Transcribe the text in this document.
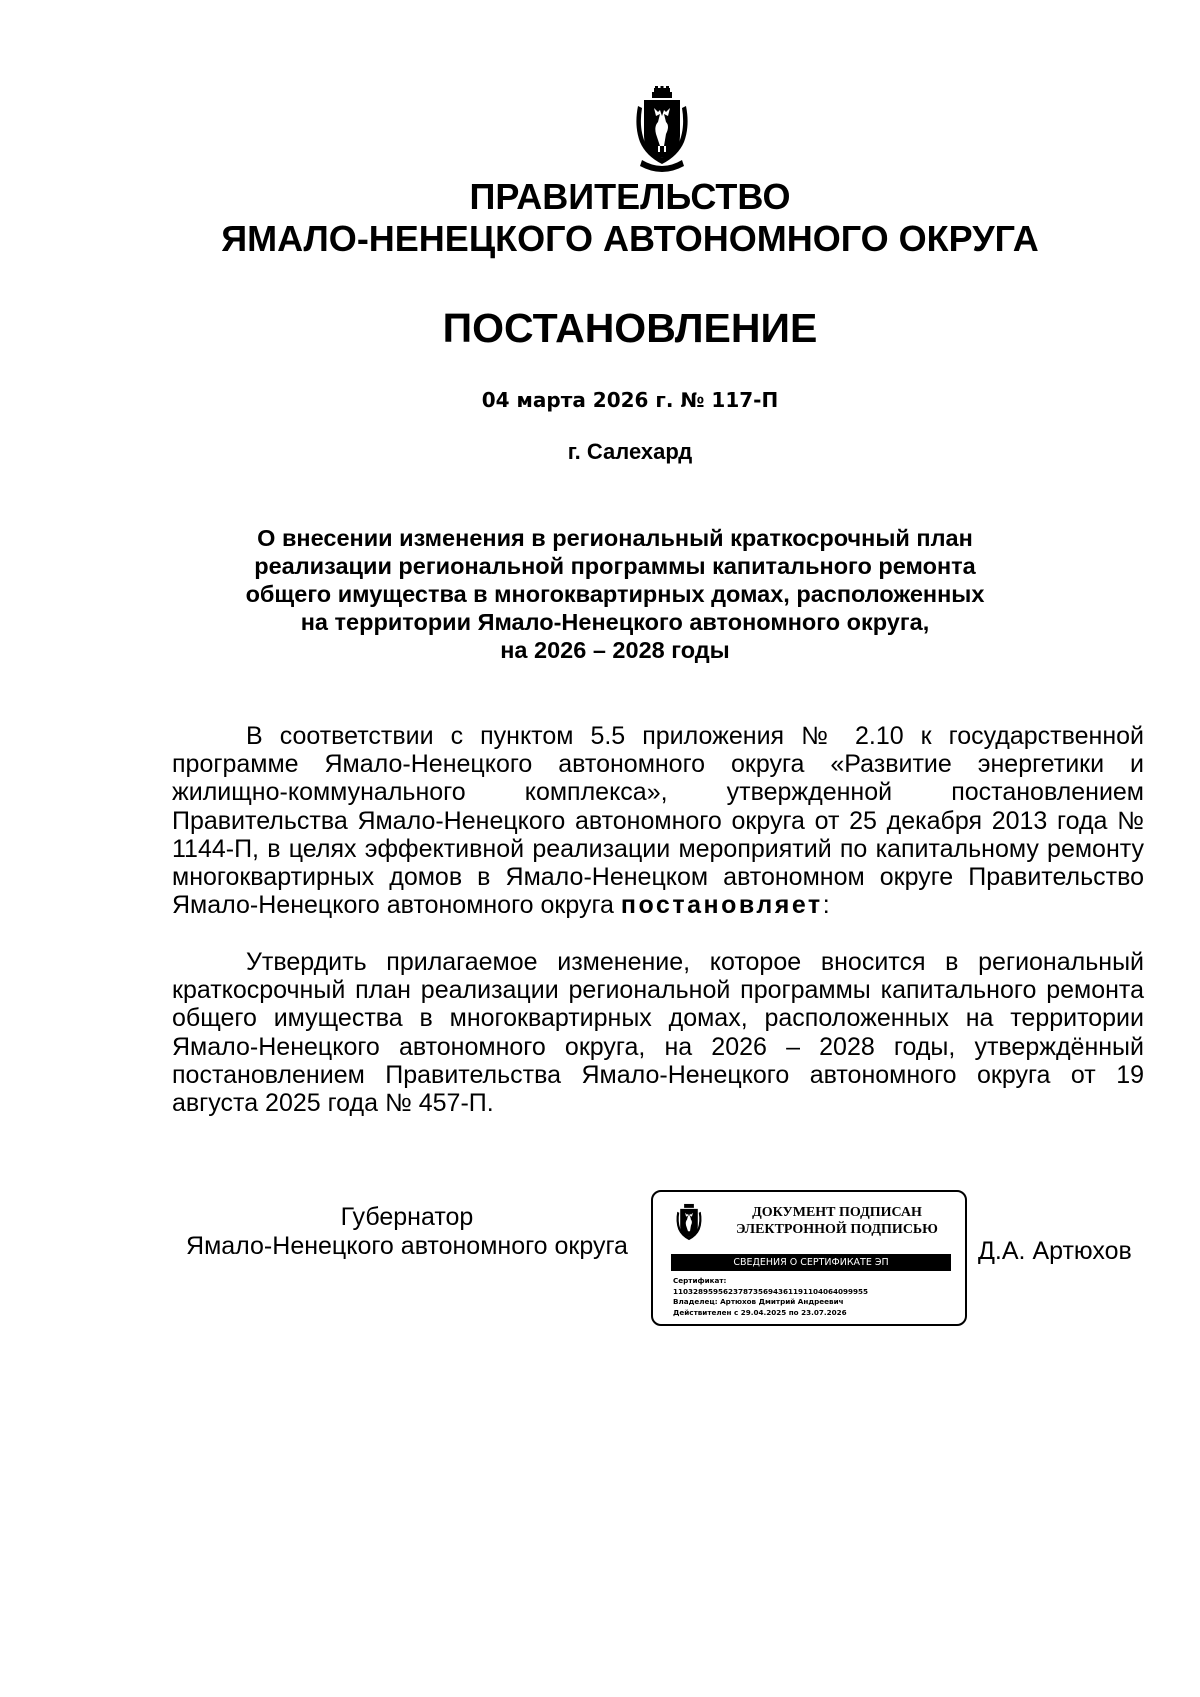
ПРАВИТЕЛЬСТВО
ЯМАЛО-НЕНЕЦКОГО АВТОНОМНОГО ОКРУГА
ПОСТАНОВЛЕНИЕ
04 марта 2026 г. № 117-П
г. Салехард
О внесении изменения в региональный краткосрочный план
реализации региональной программы капитального ремонта
общего имущества в многоквартирных домах, расположенных
на территории Ямало-Ненецкого автономного округа,
на 2026 – 2028 годы
В соответствии с пунктом 5.5 приложения № 2.10 к государственной программе Ямало-Ненецкого автономного округа «Развитие энергетики и жилищно-коммунального комплекса», утвержденной постановлением Правительства Ямало-Ненецкого автономного округа от 25 декабря 2013 года № 1144-П, в целях эффективной реализации мероприятий по капитальному ремонту многоквартирных домов в Ямало-Ненецком автономном округе Правительство Ямало-Ненецкого автономного округа постановляет:
Утвердить прилагаемое изменение, которое вносится в региональный краткосрочный план реализации региональной программы капитального ремонта общего имущества в многоквартирных домах, расположенных на территории Ямало-Ненецкого автономного округа, на 2026 – 2028 годы, утверждённый постановлением Правительства Ямало-Ненецкого автономного округа от 19 августа 2025 года № 457-П.
Губернатор
Ямало-Ненецкого автономного округа
ДОКУМЕНТ ПОДПИСАН
ЭЛЕКТРОННОЙ ПОДПИСЬЮ
СВЕДЕНИЯ О СЕРТИФИКАТЕ ЭП
Сертификат:
110328959562378735694361191104064099955
Владелец: Артюхов Дмитрий Андреевич
Действителен с 29.04.2025 по 23.07.2026
Д.А. Артюхов
